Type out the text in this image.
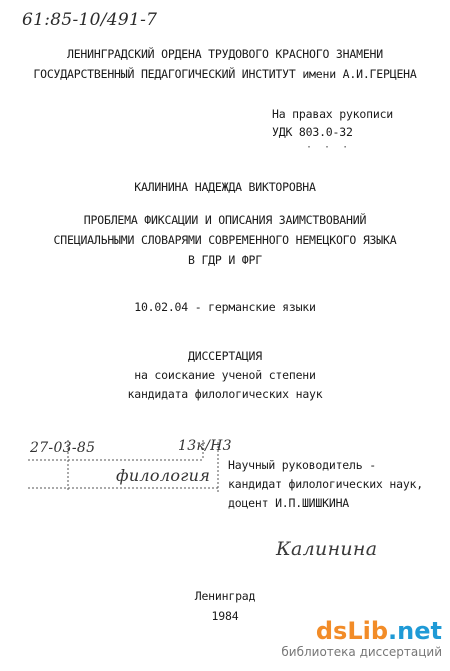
61:85-10/491-7
ЛЕНИНГРАДСКИЙ ОРДЕНА ТРУДОВОГО КРАСНОГО ЗНАМЕНИ
ГОСУДАРСТВЕННЫЙ ПЕДАГОГИЧЕСКИЙ ИНСТИТУТ имени А.И.ГЕРЦЕНА
На правах рукописи
УДК 803.0-32
· · ·
КАЛИНИНА НАДЕЖДА ВИКТОРОВНА
ПРОБЛЕМА ФИКСАЦИИ И ОПИСАНИЯ ЗАИМСТВОВАНИЙ
СПЕЦИАЛЬНЫМИ СЛОВАРЯМИ СОВРЕМЕННОГО НЕМЕЦКОГО ЯЗЫКА
В ГДР И ФРГ
10.02.04 - германские языки
ДИССЕРТАЦИЯ
на соискание ученой степени
кандидата филологических наук
27-03-85	13к/Н3
филология
Научный руководитель -
кандидат филологических наук,
доцент И.П.ШИШКИНА
Калинина
Ленинград
1984
dsLib.net
библиотека диссертаций
